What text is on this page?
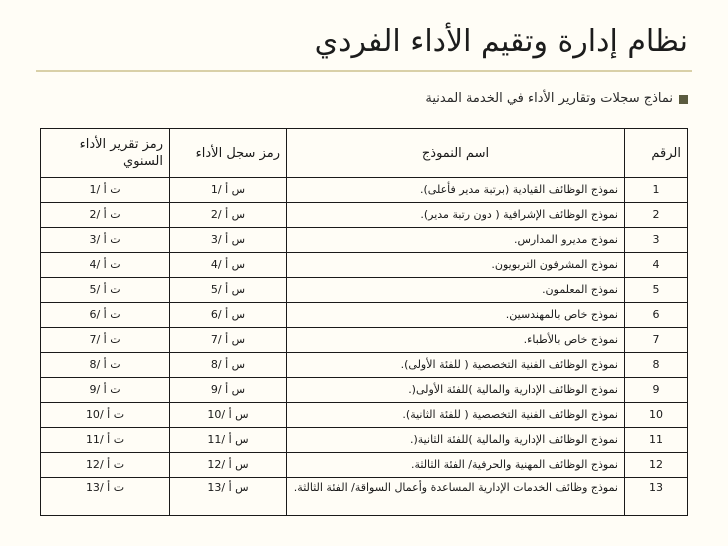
نظام إدارة وتقيم الأداء الفردي
نماذج سجلات وتقارير الأداء في الخدمة المدنية
الرقم	اسم النموذج	رمز سجل الأداء	رمز تقرير الأداء السنوي
1	نموذج الوظائف القيادية (برتبة مدير فأعلى).	س أ /1	ت أ /1
2	نموذج الوظائف الإشرافية ( دون رتبة مدير).	س أ /2	ت أ /2
3	نموذج مديرو المدارس.	س أ /3	ت أ /3
4	نموذج المشرفون التربويون.	س أ /4	ت أ /4
5	نموذج المعلمون.	س أ /5	ت أ /5
6	نموذج خاص بالمهندسين.	س أ /6	ت أ /6
7	نموذج خاص بالأطباء.	س أ /7	ت أ /7
8	نموذج الوظائف الفنية التخصصية ( للفئة الأولى).	س أ /8	ت أ /8
9	نموذج الوظائف الإدارية والمالية )للفئة الأولى(.	س أ /9	ت أ /9
10	نموذج الوظائف الفنية التخصصية ( للفئة الثانية).	س أ /10	ت أ /10
11	نموذج الوظائف الإدارية والمالية )للفئة الثانية(.	س أ /11	ت أ /11
12	نموذج الوظائف المهنية والحرفية/ الفئة الثالثة.	س أ /12	ت أ /12
13	نموذج وظائف الخدمات الإدارية المساعدة وأعمال السواقة/ الفئة الثالثة.	س أ /13	ت أ /13
